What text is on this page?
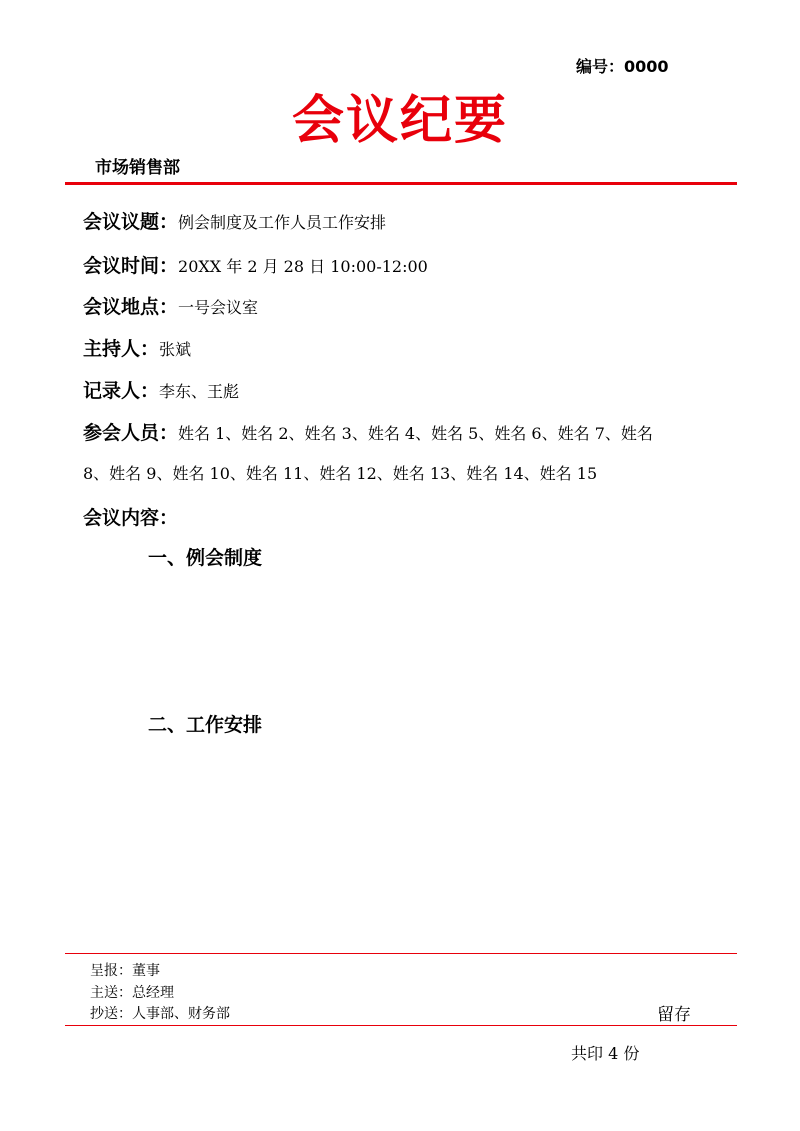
编号：0000
会议纪要
市场销售部
会议议题：例会制度及工作人员工作安排
会议时间：20XX 年 2 月 28 日 10:00-12:00
会议地点：一号会议室
主持人：张斌
记录人：李东、王彪
参会人员：姓名 1、姓名 2、姓名 3、姓名 4、姓名 5、姓名 6、姓名 7、姓名
8、姓名 9、姓名 10、姓名 11、姓名 12、姓名 13、姓名 14、姓名 15
会议内容：
一、例会制度
二、工作安排
呈报：董事
主送：总经理
抄送：人事部、财务部	留存
共印 4 份
